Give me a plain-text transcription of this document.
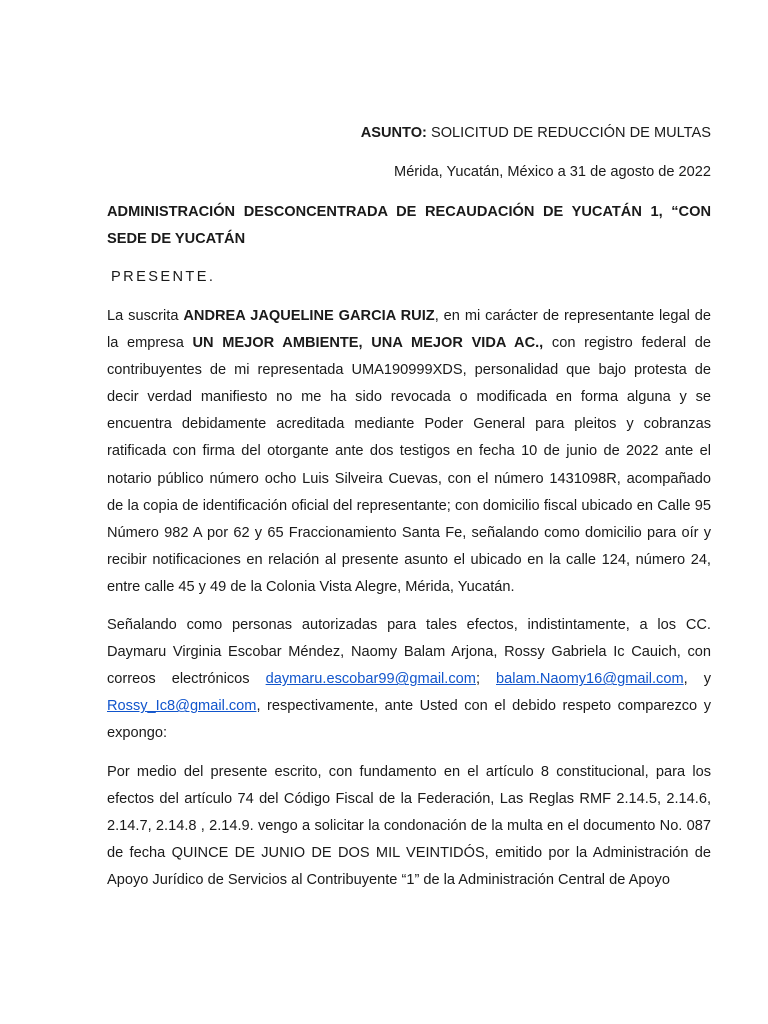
ASUNTO: SOLICITUD DE REDUCCIÓN DE MULTAS
Mérida, Yucatán, México a 31 de agosto de 2022
ADMINISTRACIÓN DESCONCENTRADA DE RECAUDACIÓN DE YUCATÁN 1, “CON SEDE DE YUCATÁN
PRESENTE.
La suscrita ANDREA JAQUELINE GARCIA RUIZ, en mi carácter de representante legal de la empresa UN MEJOR AMBIENTE, UNA MEJOR VIDA AC., con registro federal de contribuyentes de mi representada UMA190999XDS, personalidad que bajo protesta de decir verdad manifiesto no me ha sido revocada o modificada en forma alguna y se encuentra debidamente acreditada mediante Poder General para pleitos y cobranzas ratificada con firma del otorgante ante dos testigos en fecha 10 de junio de 2022 ante el notario público número ocho Luis Silveira Cuevas, con el número 1431098R, acompañado de la copia de identificación oficial del representante; con domicilio fiscal ubicado en Calle 95 Número 982 A por 62 y 65 Fraccionamiento Santa Fe, señalando como domicilio para oír y recibir notificaciones en relación al presente asunto el ubicado en la calle 124, número 24, entre calle 45 y 49 de la Colonia Vista Alegre, Mérida, Yucatán.
Señalando como personas autorizadas para tales efectos, indistintamente, a los CC. Daymaru Virginia Escobar Méndez, Naomy Balam Arjona, Rossy Gabriela Ic Cauich, con correos electrónicos daymaru.escobar99@gmail.com; balam.Naomy16@gmail.com, y Rossy_Ic8@gmail.com, respectivamente, ante Usted con el debido respeto comparezco y expongo:
Por medio del presente escrito, con fundamento en el artículo 8 constitucional, para los efectos del artículo 74 del Código Fiscal de la Federación, Las Reglas RMF 2.14.5, 2.14.6, 2.14.7, 2.14.8 , 2.14.9. vengo a solicitar la condonación de la multa en el documento No. 087 de fecha QUINCE DE JUNIO DE DOS MIL VEINTIDÓS, emitido por la Administración de Apoyo Jurídico de Servicios al Contribuyente “1” de la Administración Central de Apoyo
